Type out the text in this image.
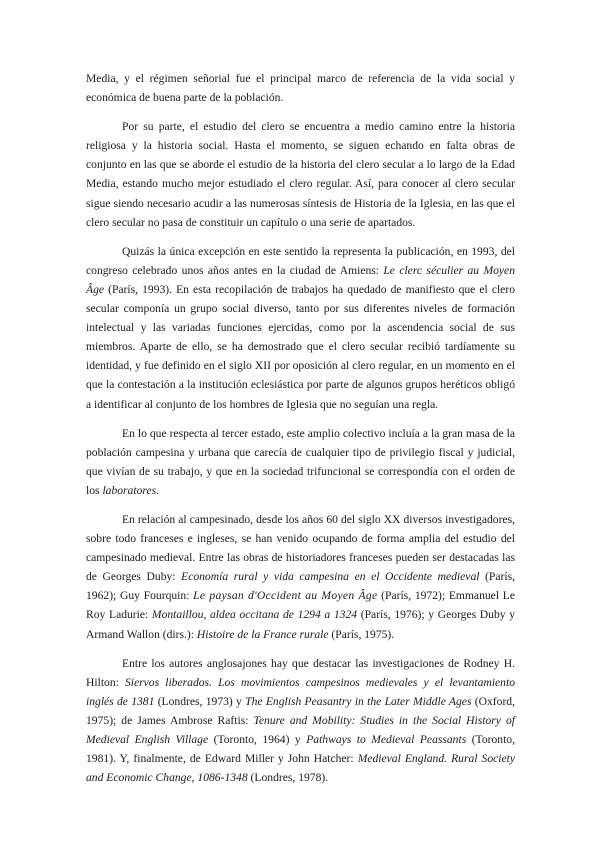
Media, y el régimen señorial fue el principal marco de referencia de la vida social y económica de buena parte de la población.

Por su parte, el estudio del clero se encuentra a medio camino entre la historia religiosa y la historia social. Hasta el momento, se siguen echando en falta obras de conjunto en las que se aborde el estudio de la historia del clero secular a lo largo de la Edad Media, estando mucho mejor estudiado el clero regular. Así, para conocer al clero secular sigue siendo necesario acudir a las numerosas síntesis de Historia de la Iglesia, en las que el clero secular no pasa de constituir un capítulo o una serie de apartados.

Quizás la única excepción en este sentido la representa la publicación, en 1993, del congreso celebrado unos años antes en la ciudad de Amiens: Le clerc séculier au Moyen Âge (París, 1993). En esta recopilación de trabajos ha quedado de manifiesto que el clero secular componía un grupo social diverso, tanto por sus diferentes niveles de formación intelectual y las variadas funciones ejercidas, como por la ascendencia social de sus miembros. Aparte de ello, se ha demostrado que el clero secular recibió tardíamente su identidad, y fue definido en el siglo XII por oposición al clero regular, en un momento en el que la contestación a la institución eclesiástica por parte de algunos grupos heréticos obligó a identificar al conjunto de los hombres de Iglesia que no seguían una regla.

En lo que respecta al tercer estado, este amplio colectivo incluía a la gran masa de la población campesina y urbana que carecía de cualquier tipo de privilegio fiscal y judicial, que vivían de su trabajo, y que en la sociedad trifuncional se correspondía con el orden de los laboratores.

En relación al campesinado, desde los años 60 del siglo XX diversos investigadores, sobre todo franceses e ingleses, se han venido ocupando de forma amplia del estudio del campesinado medieval. Entre las obras de historiadores franceses pueden ser destacadas las de Georges Duby: Economía rural y vida campesina en el Occidente medieval (París, 1962); Guy Fourquin: Le paysan d'Occident au Moyen Âge (París, 1972); Emmanuel Le Roy Ladurie: Montaillou, aldea occitana de 1294 a 1324 (París, 1976); y Georges Duby y Armand Wallon (dirs.): Histoire de la France rurale (París, 1975).

Entre los autores anglosajones hay que destacar las investigaciones de Rodney H. Hilton: Siervos liberados. Los movimientos campesinos medievales y el levantamiento inglés de 1381 (Londres, 1973) y The English Peasantry in the Later Middle Ages (Oxford, 1975); de James Ambrose Raftis: Tenure and Mobility: Studies in the Social History of Medieval English Village (Toronto, 1964) y Pathways to Medieval Peassants (Toronto, 1981). Y, finalmente, de Edward Miller y John Hatcher: Medieval England. Rural Society and Economic Change, 1086-1348 (Londres, 1978).
